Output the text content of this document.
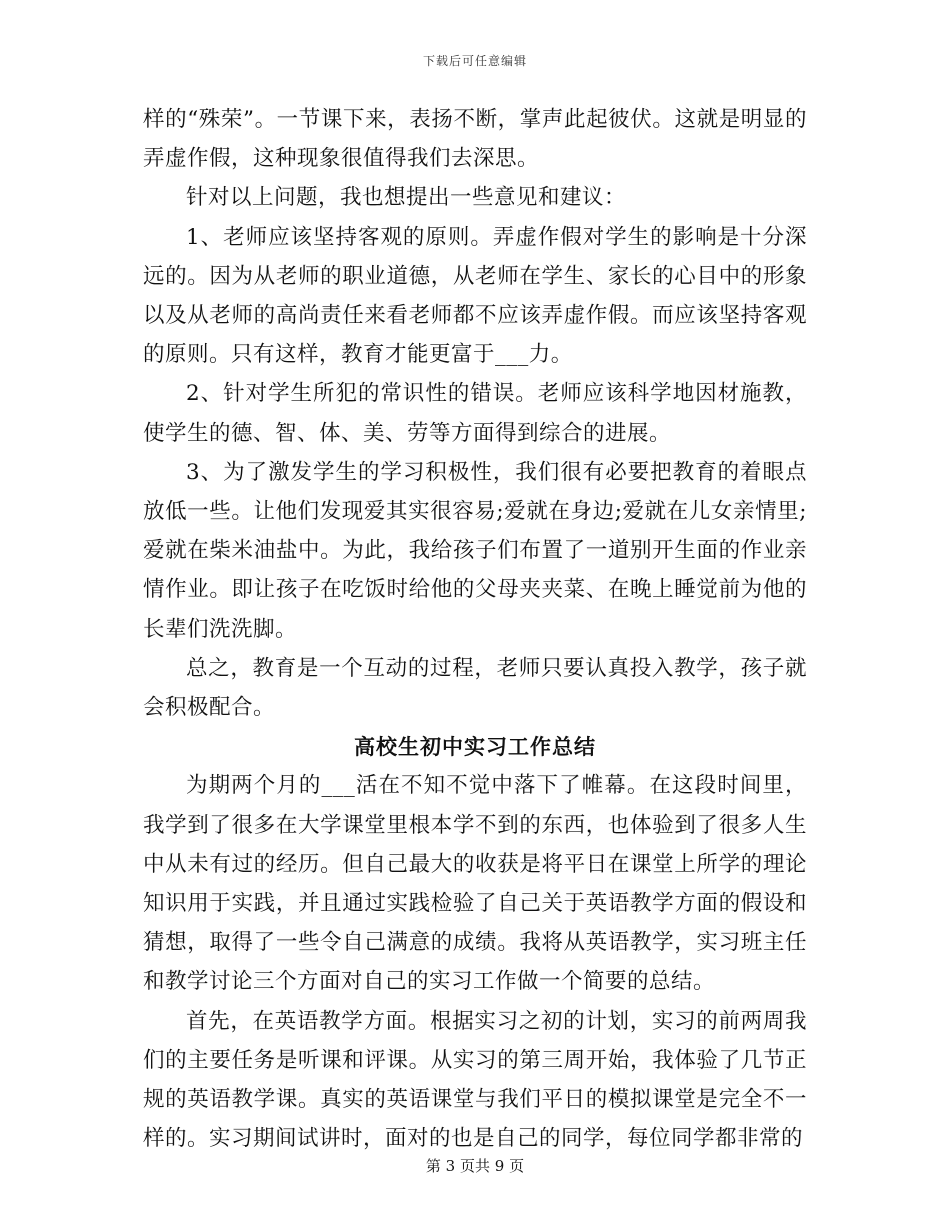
下载后可任意编辑

样的“殊荣”。一节课下来，表扬不断，掌声此起彼伏。这就是明显的弄虚作假，这种现象很值得我们去深思。

针对以上问题，我也想提出一些意见和建议：

1、老师应该坚持客观的原则。弄虚作假对学生的影响是十分深远的。因为从老师的职业道德，从老师在学生、家长的心目中的形象以及从老师的高尚责任来看老师都不应该弄虚作假。而应该坚持客观的原则。只有这样，教育才能更富于___力。

2、针对学生所犯的常识性的错误。老师应该科学地因材施教，使学生的德、智、体、美、劳等方面得到综合的进展。

3、为了激发学生的学习积极性，我们很有必要把教育的着眼点放低一些。让他们发现爱其实很容易;爱就在身边;爱就在儿女亲情里;爱就在柴米油盐中。为此，我给孩子们布置了一道别开生面的作业亲情作业。即让孩子在吃饭时给他的父母夹夹菜、在晚上睡觉前为他的长辈们洗洗脚。

总之，教育是一个互动的过程，老师只要认真投入教学，孩子就会积极配合。

高校生初中实习工作总结

为期两个月的___活在不知不觉中落下了帷幕。在这段时间里，我学到了很多在大学课堂里根本学不到的东西，也体验到了很多人生中从未有过的经历。但自己最大的收获是将平日在课堂上所学的理论知识用于实践，并且通过实践检验了自己关于英语教学方面的假设和猜想，取得了一些令自己满意的成绩。我将从英语教学，实习班主任和教学讨论三个方面对自己的实习工作做一个简要的总结。

首先，在英语教学方面。根据实习之初的计划，实习的前两周我们的主要任务是听课和评课。从实习的第三周开始，我体验了几节正规的英语教学课。真实的英语课堂与我们平日的模拟课堂是完全不一样的。实习期间试讲时，面对的也是自己的同学，每位同学都非常的

第 3 页共 9 页
